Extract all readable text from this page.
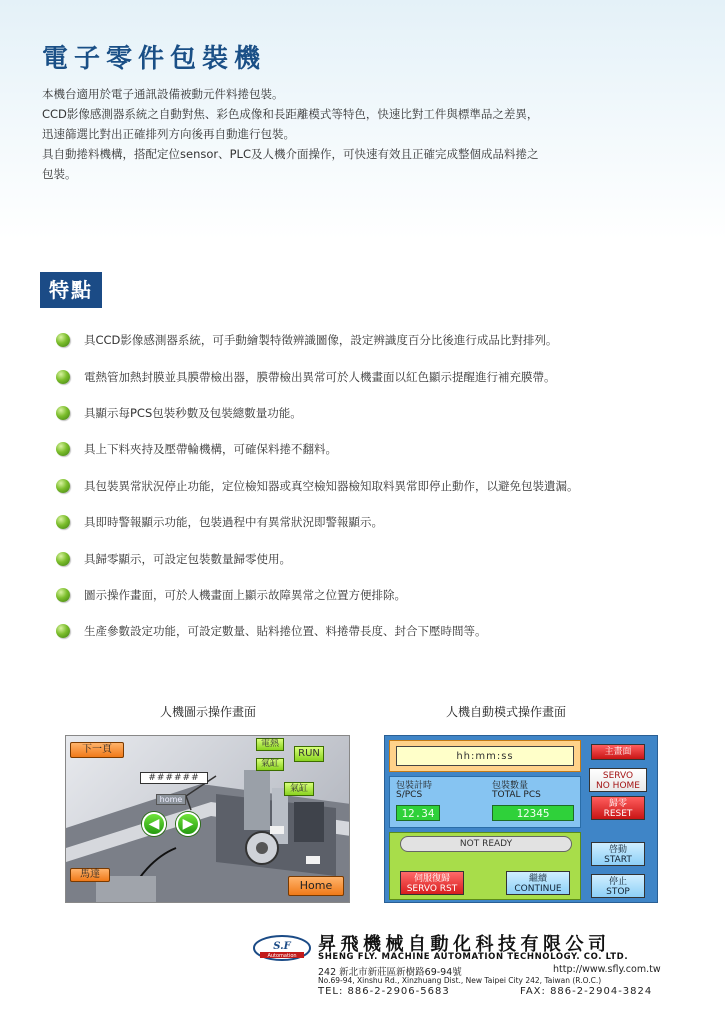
電子零件包裝機

本機台適用於電子通訊設備被動元件料捲包裝。

CCD影像感測器系統之自動對焦、彩色成像和長距離模式等特色，快速比對工件與標準品之差異，

迅速篩選比對出正確排列方向後再自動進行包裝。

具自動捲料機構，搭配定位sensor、PLC及人機介面操作，可快速有效且正確完成整個成品料捲之

包裝。

特點
具CCD影像感測器系統，可手動繪製特徵辨識圖像，設定辨識度百分比後進行成品比對排列。
電熱管加熱封膜並具膜帶檢出器，膜帶檢出異常可於人機畫面以紅色顯示提醒進行補充膜帶。
具顯示每PCS包裝秒數及包裝總數量功能。
具上下料夾持及壓帶輪機構，可確保料捲不翻料。
具包裝異常狀況停止功能，定位檢知器或真空檢知器檢知取料異常即停止動作，以避免包裝遺漏。
具即時警報顯示功能，包裝過程中有異常狀況即警報顯示。
具歸零顯示，可設定包裝數量歸零使用。
圖示操作畫面，可於人機畫面上顯示故障異常之位置方便排除。
生產參數設定功能，可設定數量、貼料捲位置、料捲帶長度、封合下壓時間等。
人機圖示操作畫面	人機自動模式操作畫面
下一頁	電熱
RUN
氣缸
氣缸
######
home
◀	▶
馬達
Home
hh:mm:ss
包裝計時
S/PCS
包裝數量
TOTAL PCS
12.34	12345
NOT READY
伺服復歸
SERVO RST
繼續
CONTINUE
主畫面
SERVO
NO HOME
歸零
RESET
啓動
START
停止
STOP
S.F
Automation
昇飛機械自動化科技有限公司
SHENG FLY. MACHINE AUTOMATION TECHNOLOGY. CO. LTD.
242 新北市新莊區新樹路69-94號	http://www.sfly.com.tw
No.69-94, Xinshu Rd., Xinzhuang Dist., New Taipei City 242, Taiwan (R.O.C.)
TEL: 886-2-2906-5683	FAX: 886-2-2904-3824
